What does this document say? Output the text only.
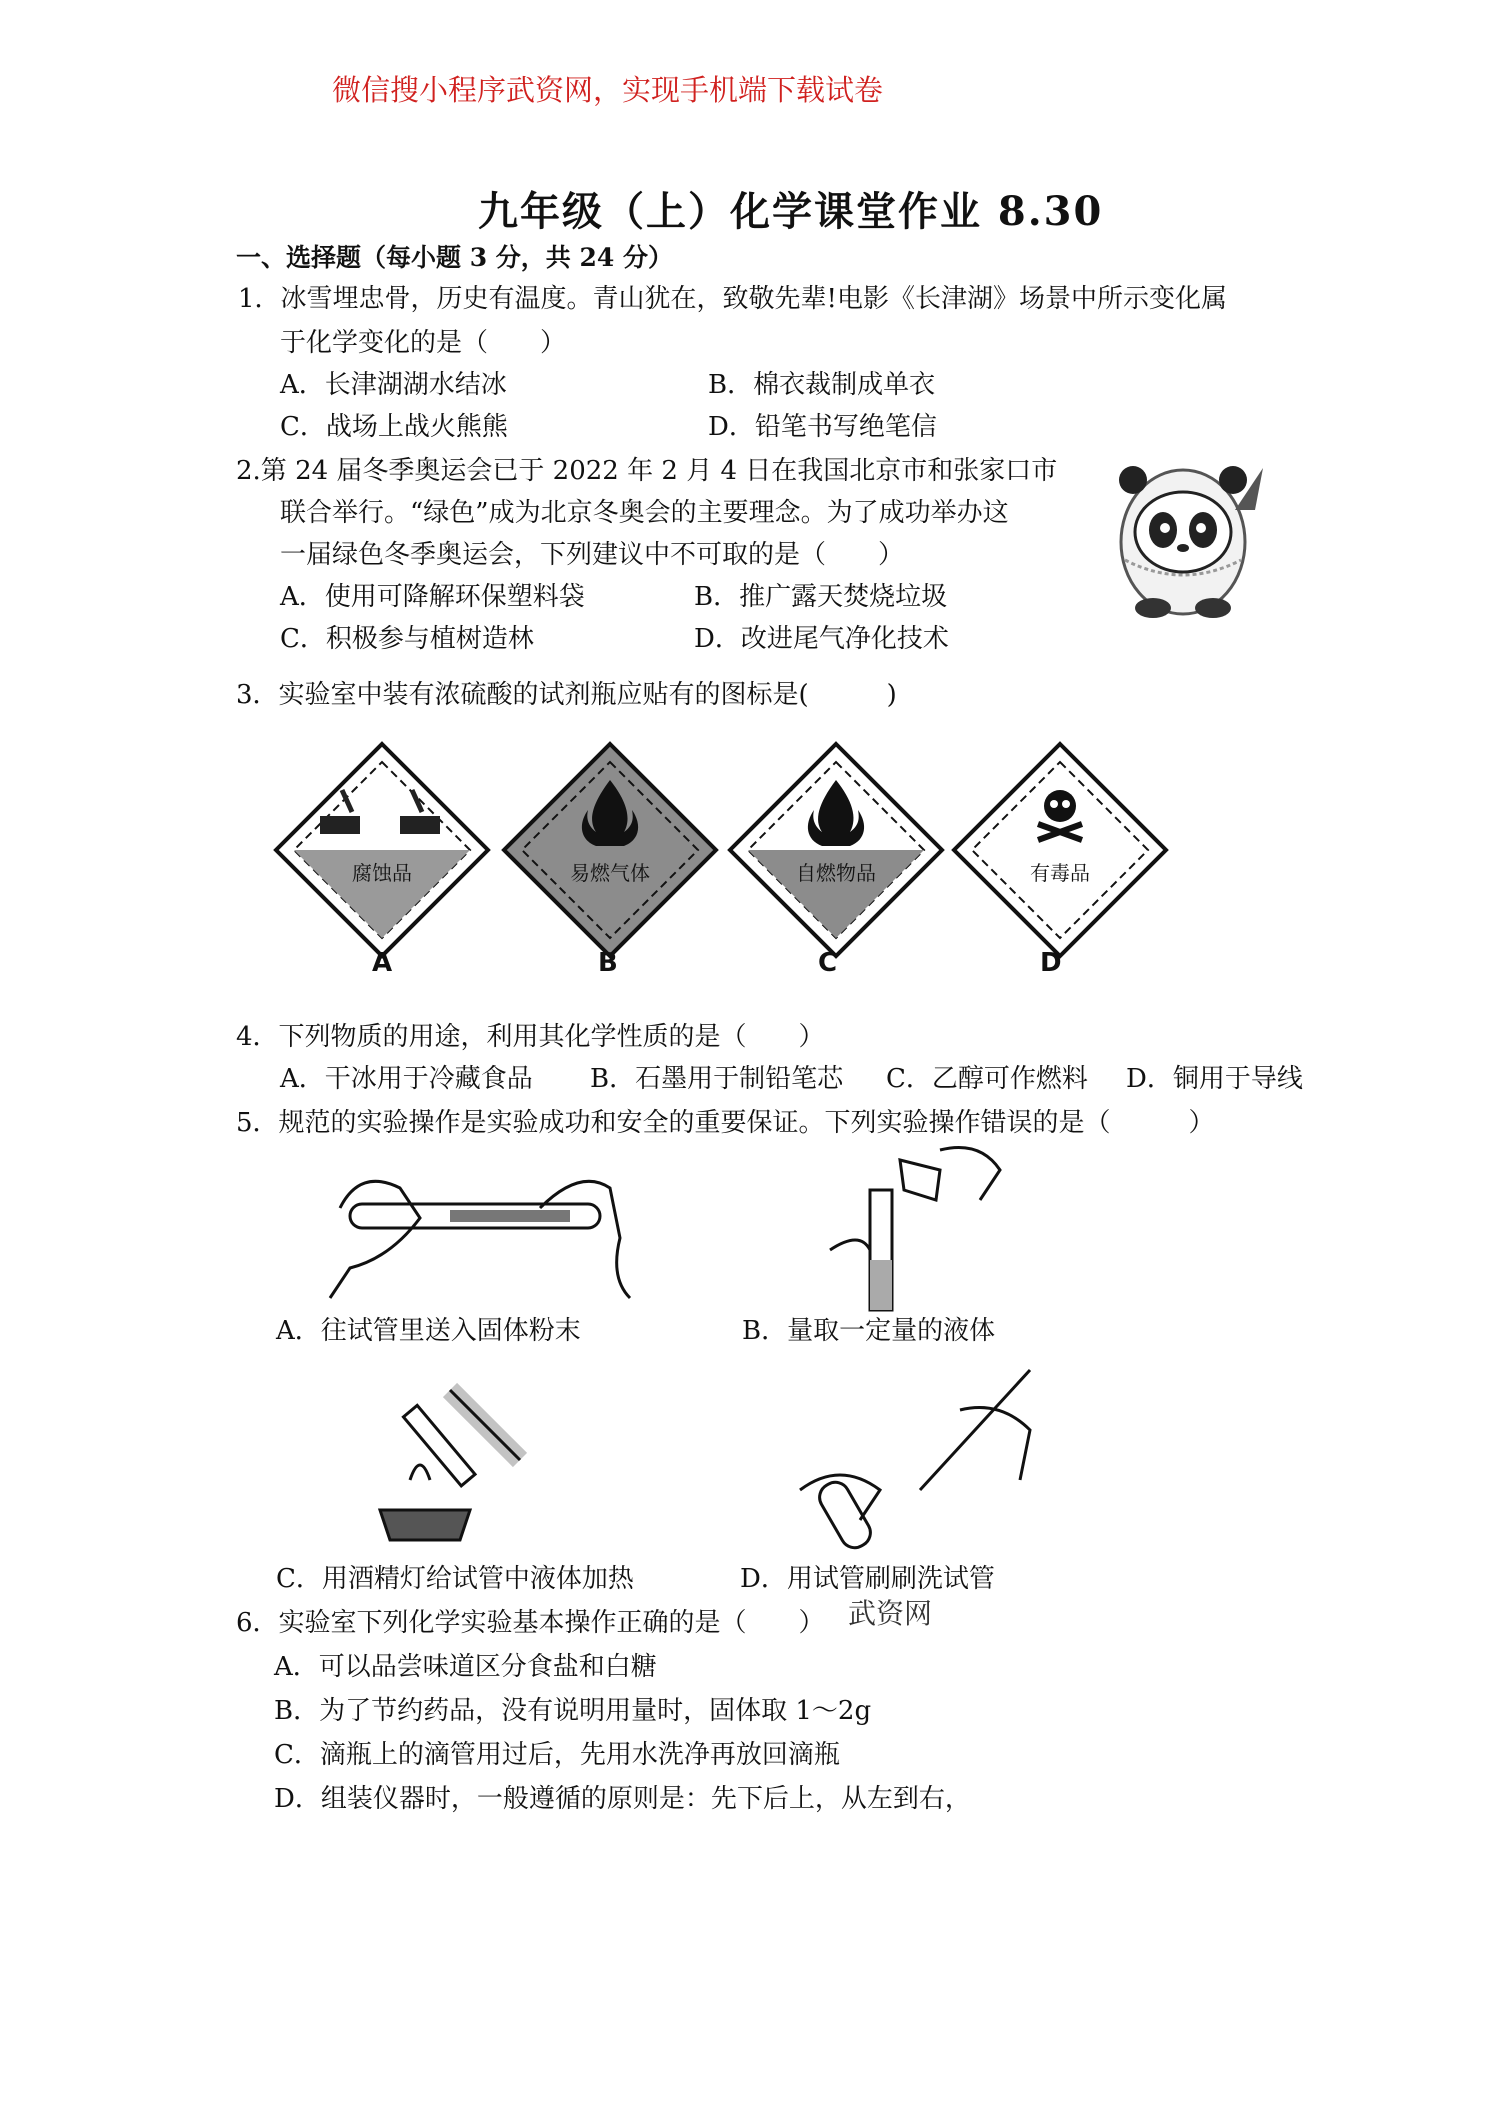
微信搜小程序武资网，实现手机端下载试卷
九年级（上）化学课堂作业 8.30
一、选择题（每小题 3 分，共 24 分）
1．冰雪埋忠骨，历史有温度。青山犹在，致敬先辈!电影《长津湖》场景中所示变化属
于化学变化的是（　　）
A．长津湖湖水结冰	B．棉衣裁制成单衣
C．战场上战火熊熊	D．铅笔书写绝笔信
2.第 24 届冬季奥运会已于 2022 年 2 月 4 日在我国北京市和张家口市
联合举行。“绿色”成为北京冬奥会的主要理念。为了成功举办这
一届绿色冬季奥运会，下列建议中不可取的是（　　）
A．使用可降解环保塑料袋	B．推广露天焚烧垃圾
C．积极参与植树造林	D．改进尾气净化技术
3．实验室中装有浓硫酸的试剂瓶应贴有的图标是(　　　)
腐蚀品	易燃气体	自燃物品	有毒品
A	B	C	D
4．下列物质的用途，利用其化学性质的是（　　）
A．干冰用于冷藏食品 B．石墨用于制铅笔芯 C．乙醇可作燃料 D．铜用于导线
5．规范的实验操作是实验成功和安全的重要保证。下列实验操作错误的是（　　　）
A．往试管里送入固体粉末	B．量取一定量的液体
C．用酒精灯给试管中液体加热	D．用试管刷刷洗试管
6．实验室下列化学实验基本操作正确的是（　　） 武资网
A．可以品尝味道区分食盐和白糖
B．为了节约药品，没有说明用量时，固体取 1～2g
C．滴瓶上的滴管用过后，先用水洗净再放回滴瓶
D．组装仪器时，一般遵循的原则是：先下后上，从左到右，
